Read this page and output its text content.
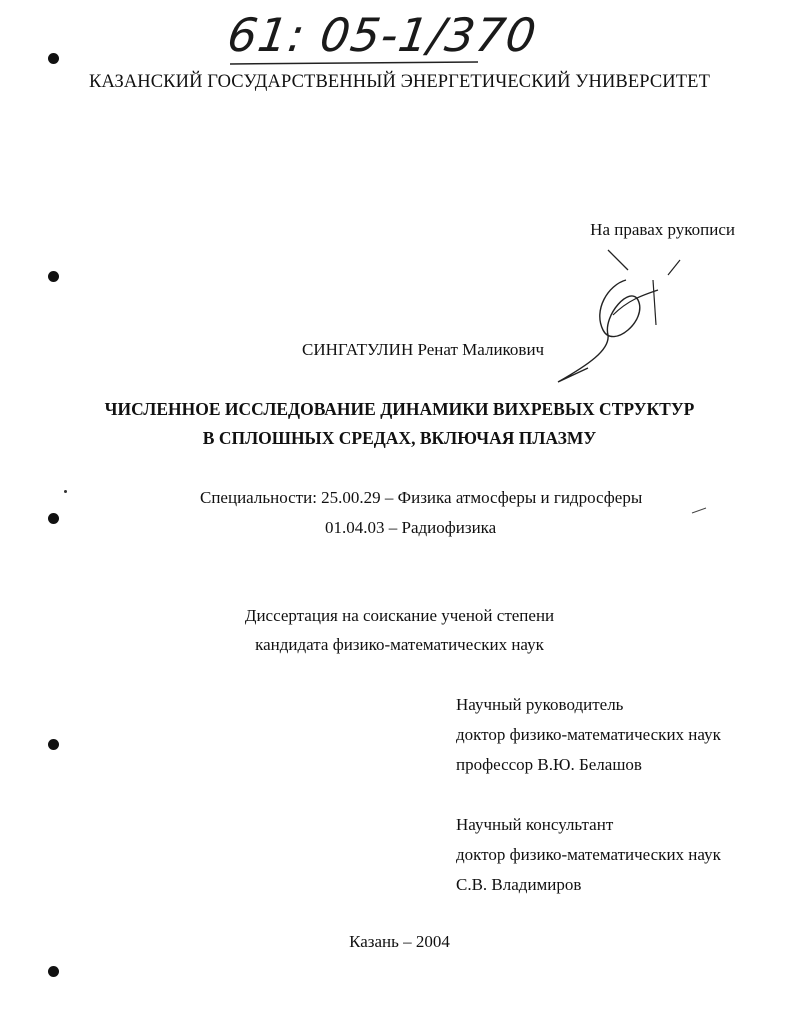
61: 05-1/370
КАЗАНСКИЙ ГОСУДАРСТВЕННЫЙ ЭНЕРГЕТИЧЕСКИЙ УНИВЕРСИТЕТ
На правах рукописи
СИНГАТУЛИН Ренат Маликович
ЧИСЛЕННОЕ ИССЛЕДОВАНИЕ ДИНАМИКИ ВИХРЕВЫХ СТРУКТУР
В СПЛОШНЫХ СРЕДАХ, ВКЛЮЧАЯ ПЛАЗМУ
Специальности: 25.00.29 – Физика атмосферы и гидросферы
01.04.03 – Радиофизика
Диссертация на соискание ученой степени
кандидата физико-математических наук
Научный руководитель
доктор физико-математических наук
профессор В.Ю. Белашов
Научный консультант
доктор физико-математических наук
С.В. Владимиров
Казань – 2004
